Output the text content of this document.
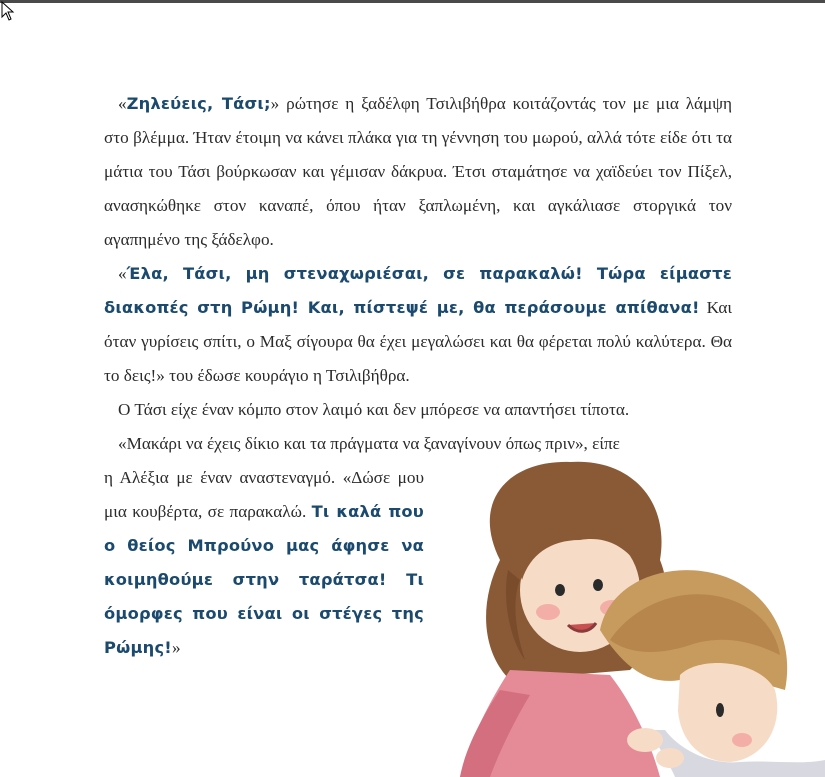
«Ζηλεύεις, Τάσι;» ρώτησε η ξαδέλφη Τσιλιβήθρα κοιτάζοντάς τον με μια λάμψη στο βλέμμα. Ήταν έτοιμη να κάνει πλάκα για τη γέννηση του μωρού, αλλά τότε είδε ότι τα μάτια του Τάσι βούρκωσαν και γέμισαν δάκρυα. Έτσι σταμάτησε να χαϊδεύει τον Πίξελ, ανασηκώθηκε στον καναπέ, όπου ήταν ξαπλωμένη, και αγκάλιασε στοργικά τον αγαπημένο της ξάδελφο.

«Έλα, Τάσι, μη στεναχωριέσαι, σε παρακαλώ! Τώρα είμαστε διακοπές στη Ρώμη! Και, πίστεψέ με, θα περάσουμε απίθανα! Και όταν γυρίσεις σπίτι, ο Μαξ σίγουρα θα έχει μεγαλώσει και θα φέρεται πολύ καλύτερα. Θα το δεις!» του έδωσε κουράγιο η Τσιλιβήθρα.

Ο Τάσι είχε έναν κόμπο στον λαιμό και δεν μπόρεσε να απαντήσει τίποτα.

«Μακάρι να έχεις δίκιο και τα πράγματα να ξαναγίνουν όπως πριν», είπε

η Αλέξια με έναν αναστεναγμό. «Δώσε μου μια κουβέρτα, σε παρακαλώ. Τι καλά που ο θείος Μπρούνο μας άφησε να κοιμηθούμε στην ταράτσα! Τι όμορφες που είναι οι στέγες της Ρώμης!»
